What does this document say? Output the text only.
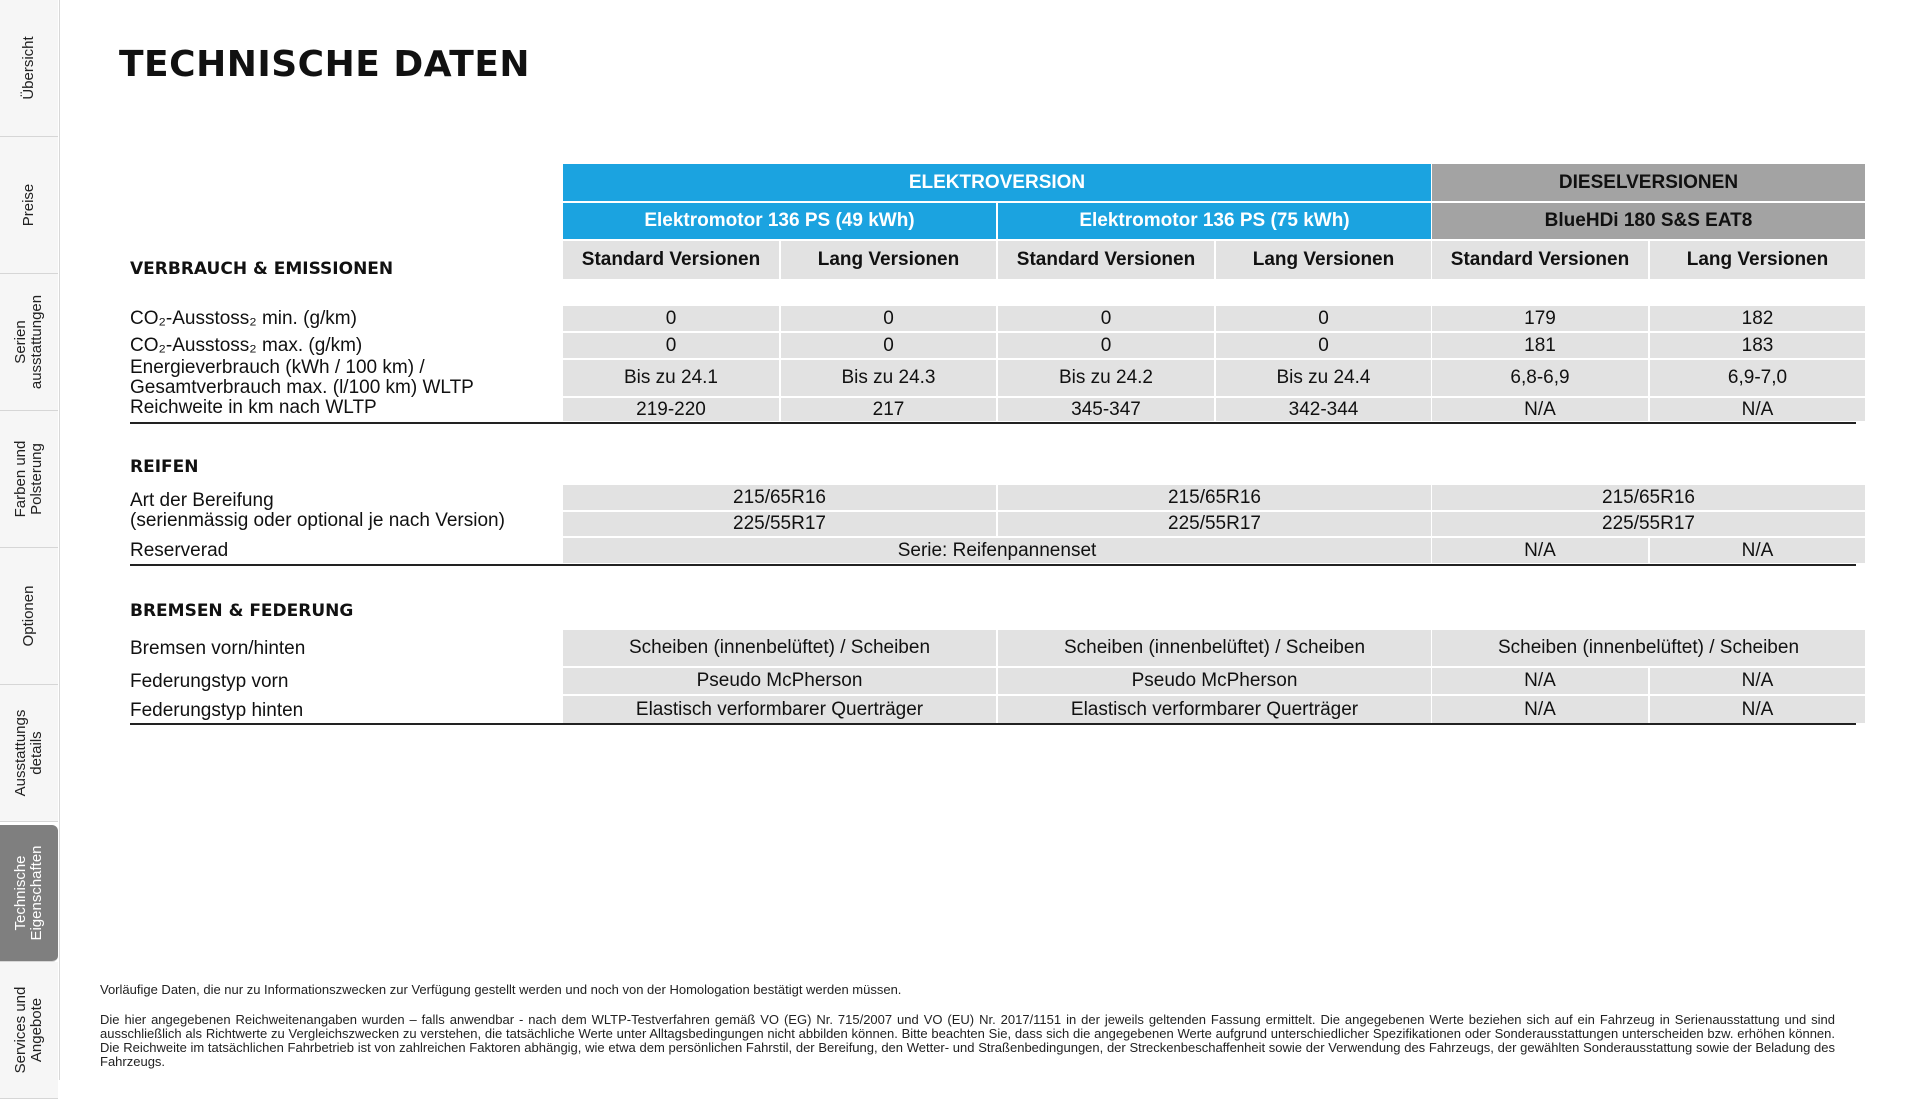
Übersicht
Preise
Serien
ausstattungen
Farben und
Polsterung
Optionen
Ausstattungs
details
Technische
Eigenschaften
Services und
Angebote
TECHNISCHE DATEN
ELEKTROVERSION	DIESELVERSIONEN
Elektromotor 136 PS (49 kWh)	Elektromotor 136 PS (75 kWh)	BlueHDi 180 S&S EAT8
VERBRAUCH & EMISSIONEN	Standard Versionen	Lang Versionen	Standard Versionen	Lang Versionen	Standard Versionen	Lang Versionen
CO₂-Ausstoss₂ min. (g/km)	0	0	0	0	179	182
CO₂-Ausstoss₂ max. (g/km)	0	0	0	0	181	183
Energieverbrauch (kWh / 100 km) /
Gesamtverbrauch max. (l/100 km) WLTP	Bis zu 24.1	Bis zu 24.3	Bis zu 24.2	Bis zu 24.4	6,8-6,9	6,9-7,0
Reichweite in km nach WLTP	219-220	217	345-347	342-344	N/A	N/A
REIFEN
Art der Bereifung
(serienmässig oder optional je nach Version)
215/65R16	215/65R16	215/65R16
225/55R17	225/55R17	225/55R17
Reserverad	Serie: Reifenpannenset	N/A	N/A
BREMSEN & FEDERUNG
Bremsen vorn/hinten	Scheiben (innenbelüftet) / Scheiben	Scheiben (innenbelüftet) / Scheiben	Scheiben (innenbelüftet) / Scheiben
Federungstyp vorn	Pseudo McPherson	Pseudo McPherson	N/A	N/A
Federungstyp hinten	Elastisch verformbarer Querträger	Elastisch verformbarer Querträger	N/A	N/A

Vorläufige Daten, die nur zu Informationszwecken zur Verfügung gestellt werden und noch von der Homologation bestätigt werden müssen.

Die hier angegebenen Reichweitenangaben wurden – falls anwendbar - nach dem WLTP-Testverfahren gemäß VO (EG) Nr. 715/2007 und VO (EU) Nr. 2017/1151 in der jeweils geltenden Fassung ermittelt. Die angegebenen Werte beziehen sich auf ein Fahrzeug in Serienausstattung und sind ausschließlich als Richtwerte zu Vergleichszwecken zu verstehen, die tatsächliche Werte unter Alltagsbedingungen nicht abbilden können. Bitte beachten Sie, dass sich die angegebenen Werte aufgrund unterschiedlicher Spezifikationen oder Sonderausstattungen unterscheiden bzw. erhöhen können. Die Reichweite im tatsächlichen Fahrbetrieb ist von zahlreichen Faktoren abhängig, wie etwa dem persönlichen Fahrstil, der Bereifung, den Wetter- und Straßenbedingungen, der Streckenbeschaffenheit sowie der Verwendung des Fahrzeugs, der gewählten Sonderausstattung sowie der Beladung des Fahrzeugs.
